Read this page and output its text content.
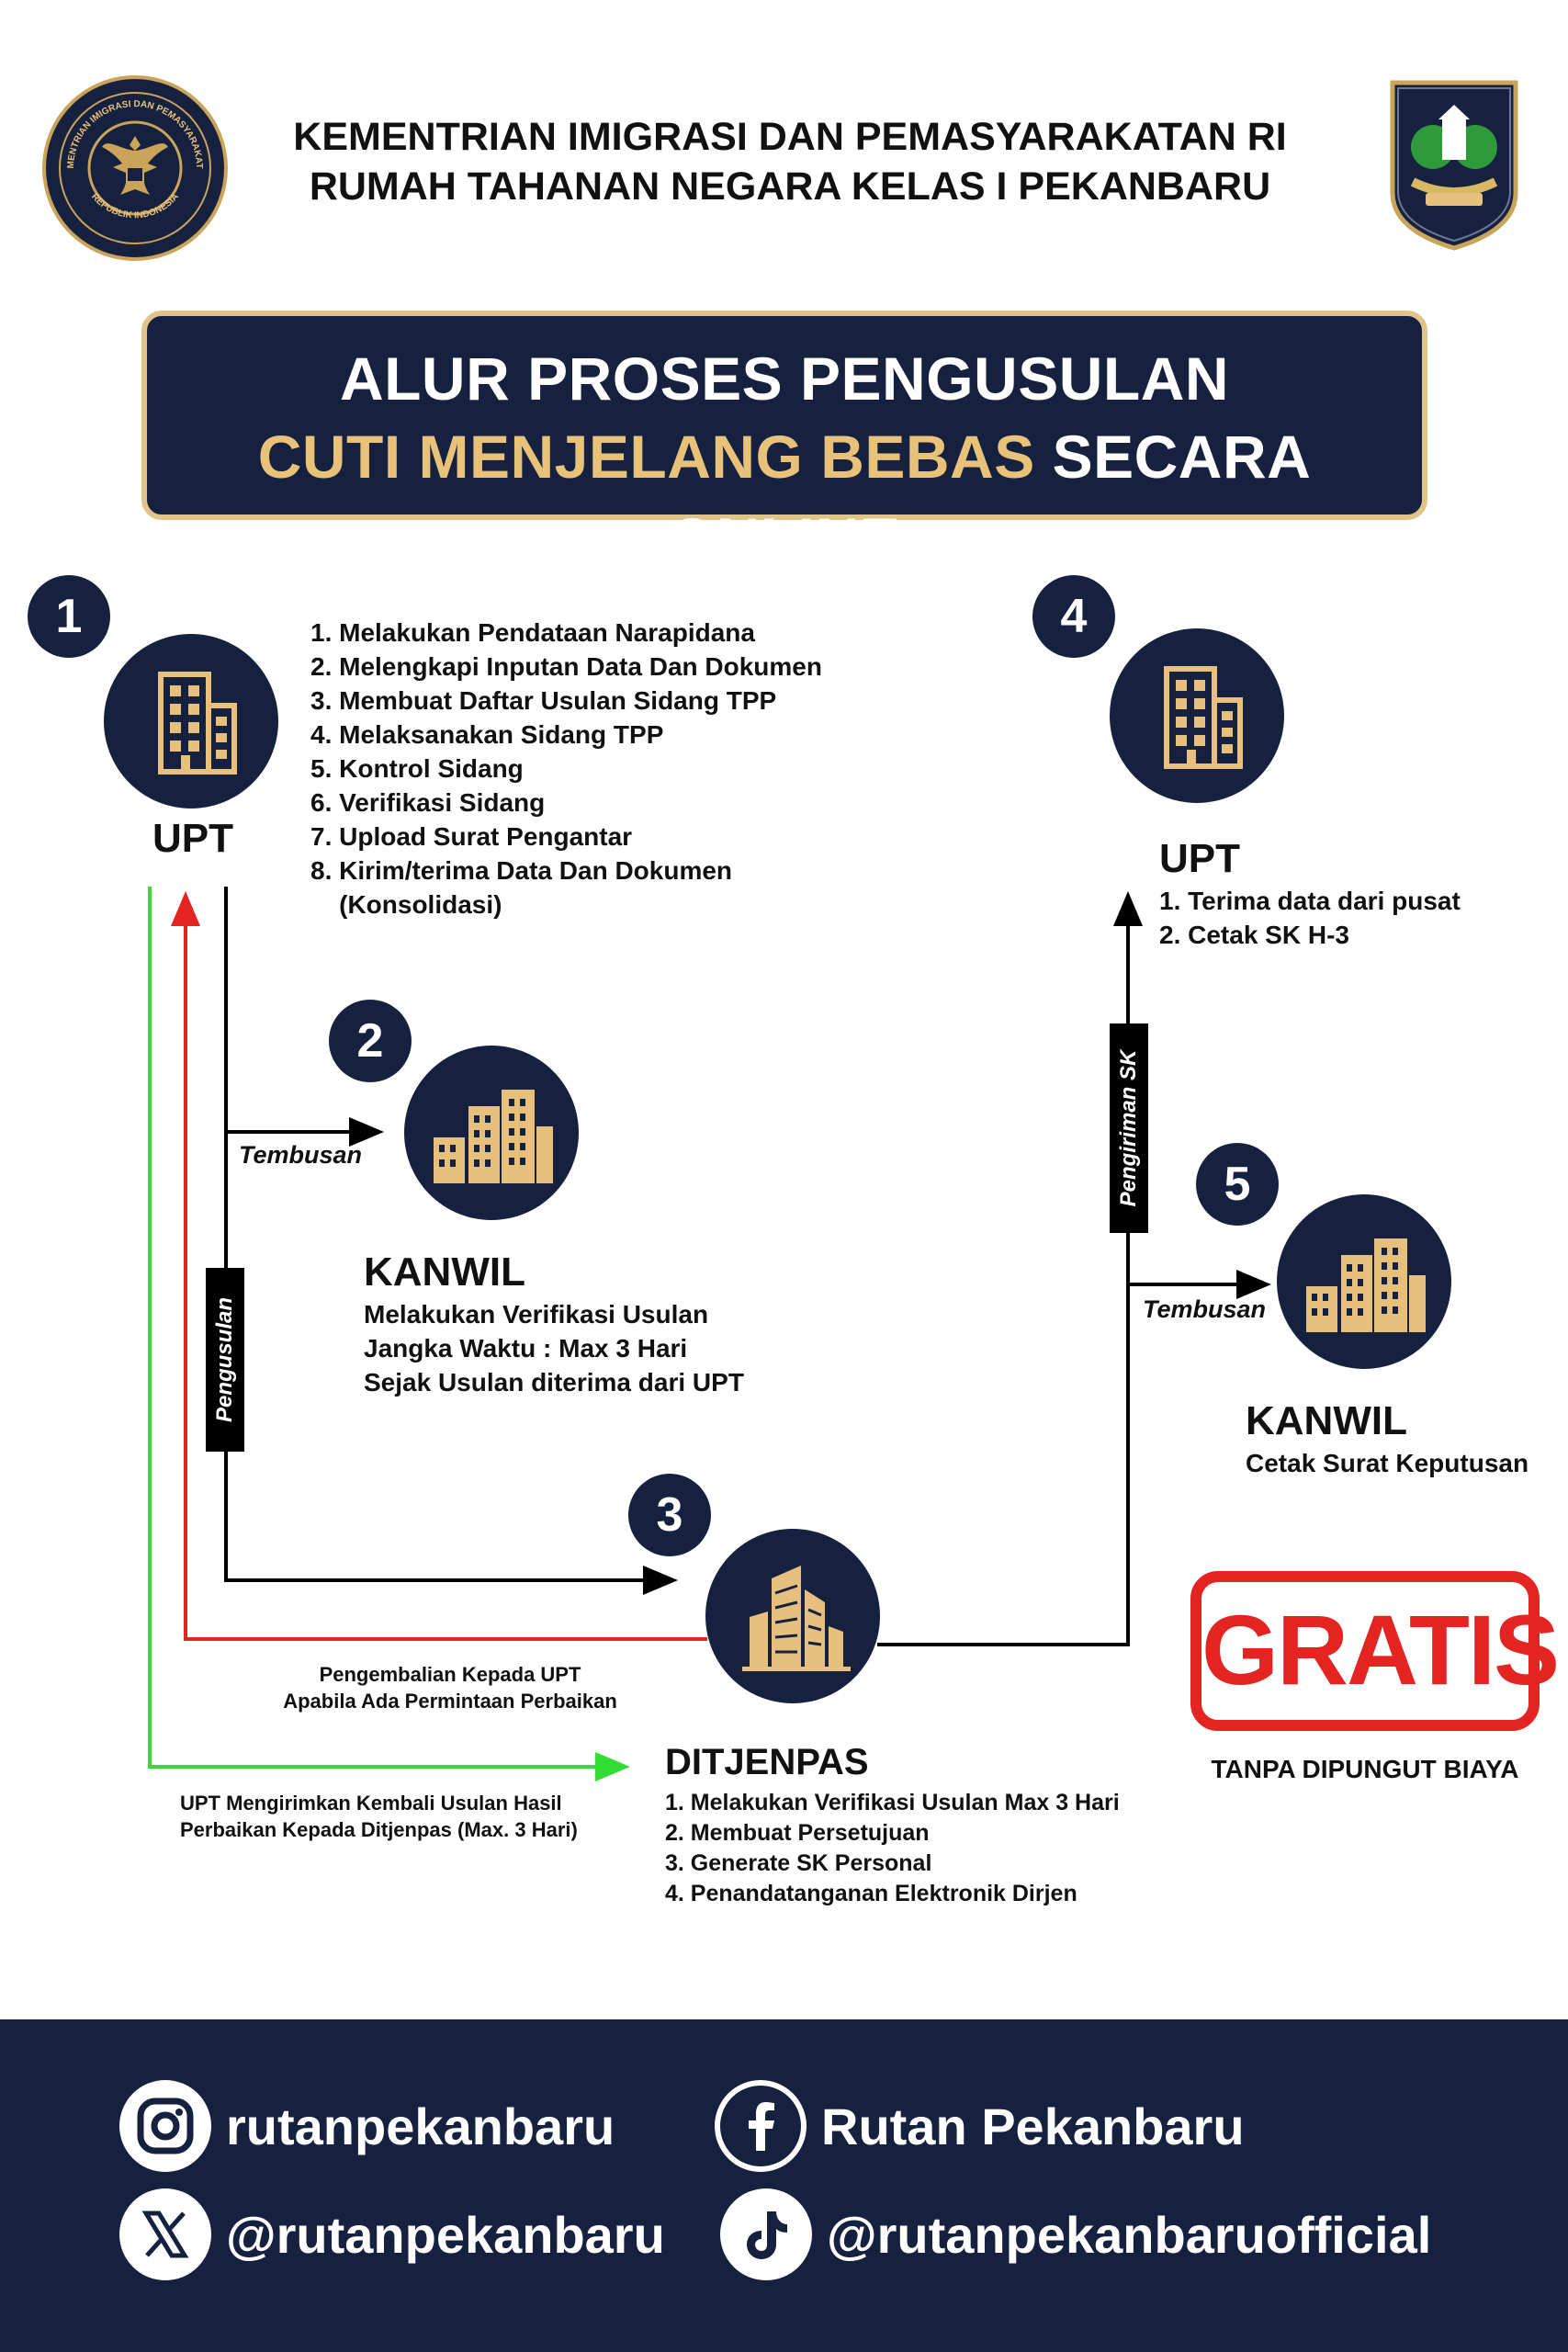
MENTRIAN IMIGRASI DAN PEMASYARAKAT
REPUBLIK INDONESIA
KEMENTRIAN IMIGRASI DAN PEMASYARAKATAN RI
RUMAH TAHANAN NEGARA KELAS I PEKANBARU
ALUR PROSES PENGUSULAN
CUTI MENJELANG BEBAS SECARA ONLINE
1
UPT
1. Melakukan Pendataan Narapidana
2. Melengkapi Inputan Data Dan Dokumen
3. Membuat Daftar Usulan Sidang TPP
4. Melaksanakan Sidang TPP
5. Kontrol Sidang
6. Verifikasi Sidang
7. Upload Surat Pengantar
8. Kirim/terima Data Dan Dokumen
(Konsolidasi)
2
KANWIL
Melakukan Verifikasi Usulan
Jangka Waktu : Max 3 Hari
Sejak Usulan diterima dari UPT
3
DITJENPAS
1. Melakukan Verifikasi Usulan Max 3 Hari
2. Membuat Persetujuan
3. Generate SK Personal
4. Penandatanganan Elektronik Dirjen
4
UPT
1. Terima data dari pusat
2. Cetak SK H-3
5
KANWIL
Cetak Surat Keputusan
Tembusan
Tembusan
Pengusulan
Pengiriman SK
Pengembalian Kepada UPT
Apabila Ada Permintaan Perbaikan
UPT Mengirimkan Kembali Usulan Hasil
Perbaikan Kepada Ditjenpas (Max. 3 Hari)
GRATIS
TANPA DIPUNGUT BIAYA
rutanpekanbaru	Rutan Pekanbaru
@rutanpekanbaru	@rutanpekanbaruofficial
